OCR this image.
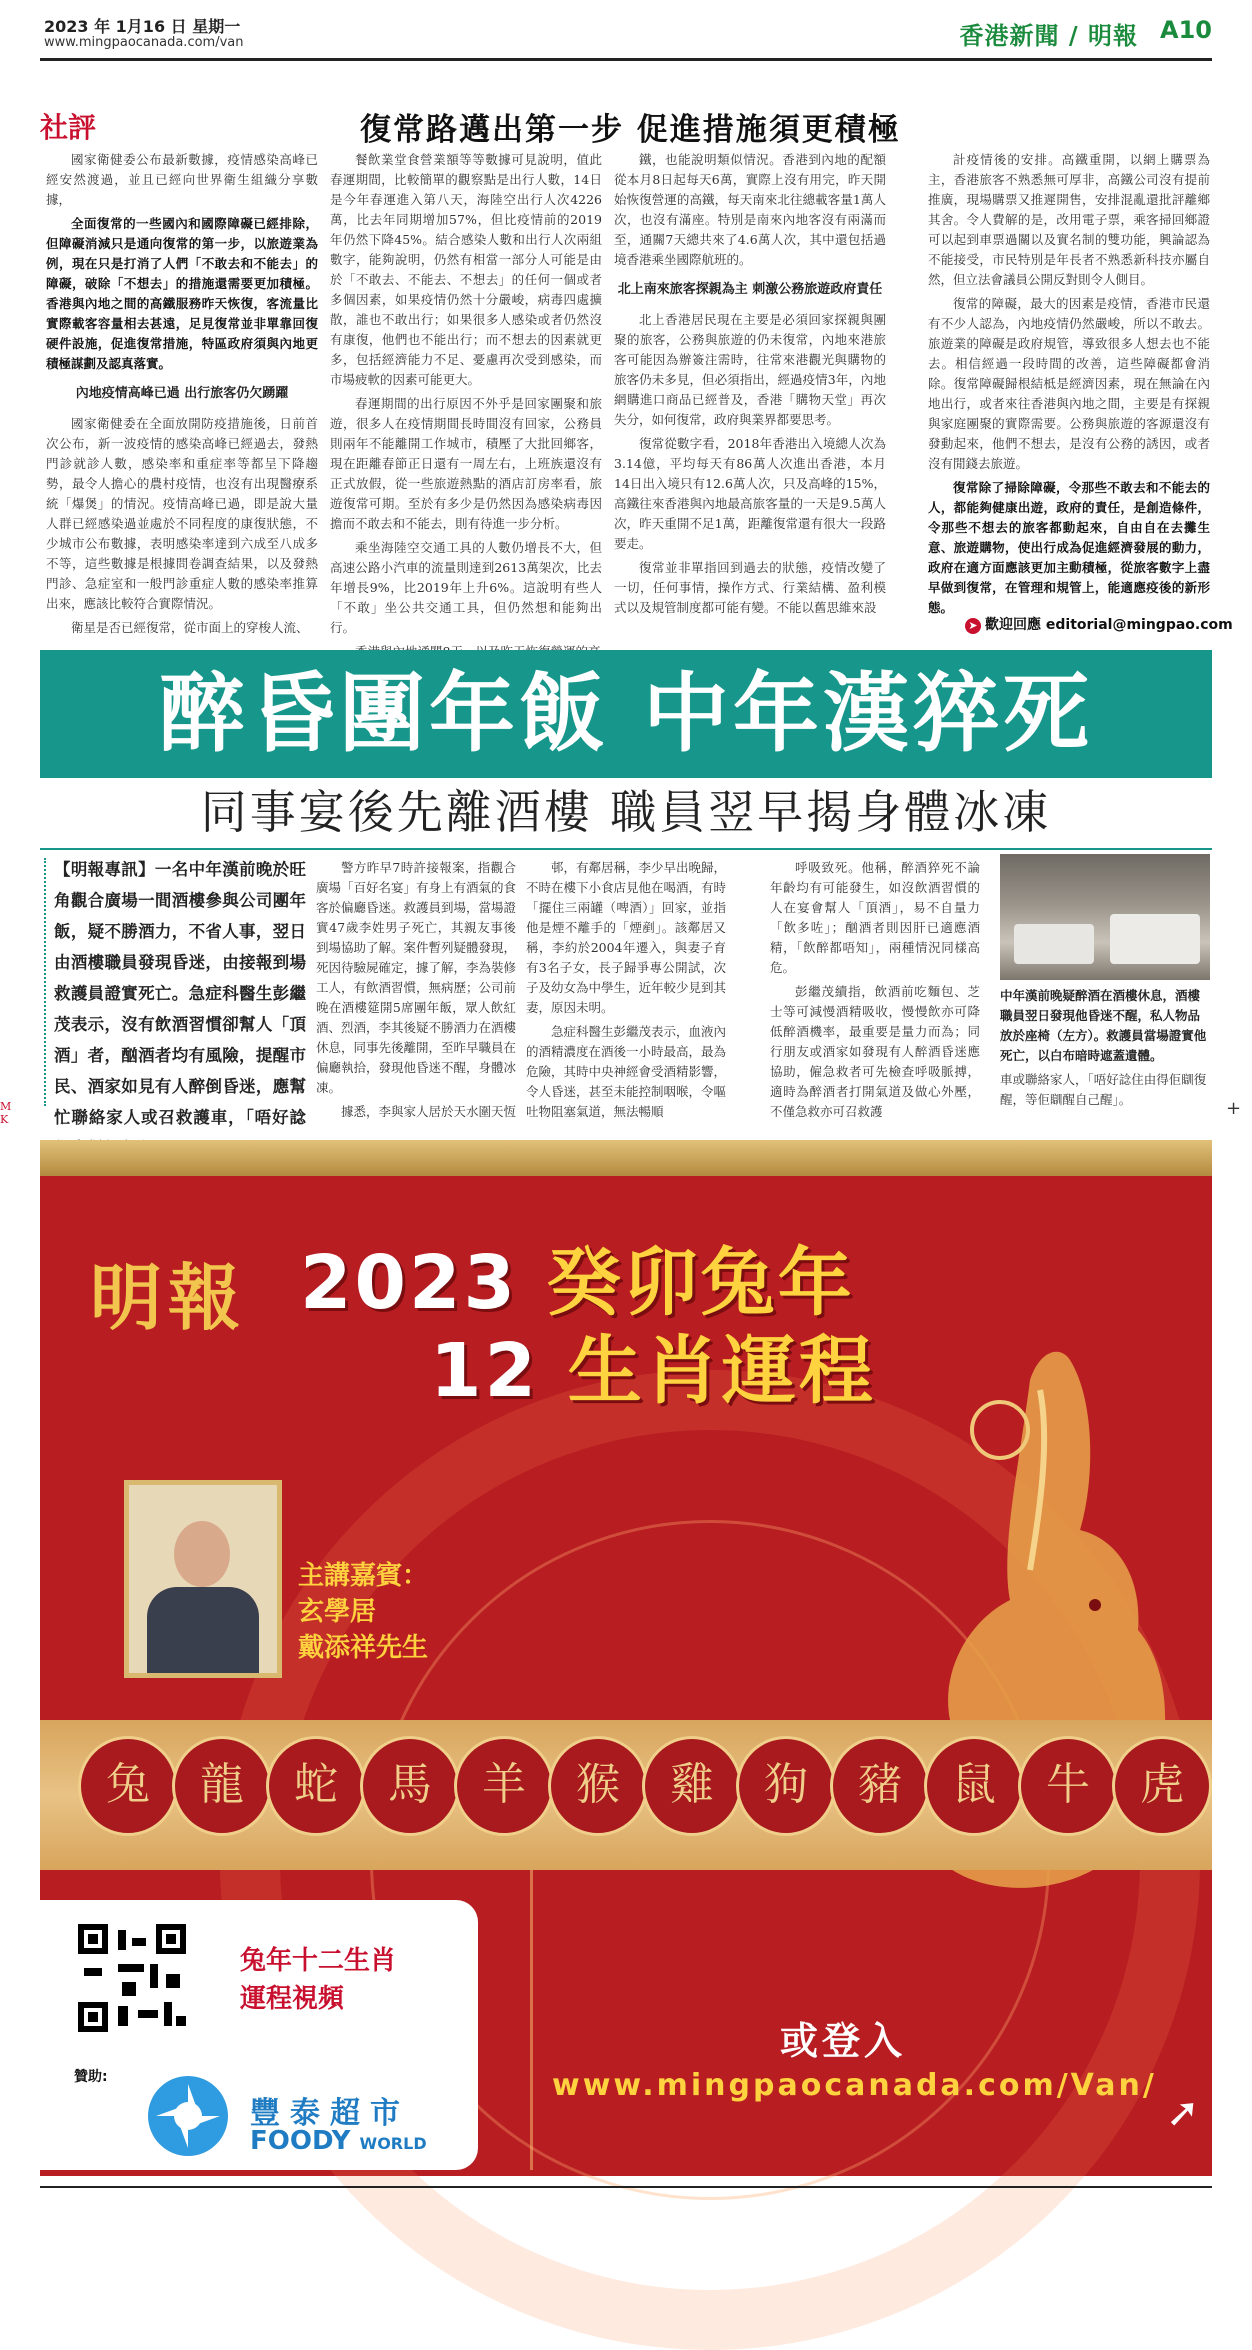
2023 年 1月16 日 星期一
www.mingpaocanada.com/van	香港新聞 / 明報 A10
社評	復常路邁出第一步 促進措施須更積極

國家衛健委公布最新數據，疫情感染高峰已經安然渡過，並且已經向世界衛生組織分享數據，

全面復常的一些國內和國際障礙已經排除，但障礙消減只是通向復常的第一步，以旅遊業為例，現在只是打消了人們「不敢去和不能去」的障礙，破除「不想去」的措施還需要更加積極。香港與內地之間的高鐵服務昨天恢復，客流量比實際載客容量相去甚遠，足見復常並非單靠回復硬件設施，促進復常措施，特區政府須與內地更積極謀劃及認真落實。

內地疫情高峰已過 出行旅客仍欠踴躍

國家衛健委在全面放開防疫措施後，日前首次公布，新一波疫情的感染高峰已經過去，發熱門診就診人數，感染率和重症率等都呈下降趨勢，最令人擔心的農村疫情，也沒有出現醫療系統「爆煲」的情況。疫情高峰已過，即是說大量人群已經感染過並處於不同程度的康復狀態，不少城市公布數據，表明感染率達到六成至八成多不等，這些數據是根據問卷調查結果，以及發熱門診、急症室和一般門診重症人數的感染率推算出來，應該比較符合實際情況。

衛星是否已經復常，從市面上的穿梭人流、

餐飲業堂食營業額等等數據可見說明，值此春運期間，比較簡單的觀察點是出行人數，14日是今年春運進入第八天，海陸空出行人次4226萬，比去年同期增加57%，但比疫情前的2019年仍然下降45%。結合感染人數和出行人次兩組數字，能夠說明，仍然有相當一部分人可能是由於「不敢去、不能去、不想去」的任何一個或者多個因素，如果疫情仍然十分嚴峻，病毒四處擴散，誰也不敢出行；如果很多人感染或者仍然沒有康復，他們也不能出行；而不想去的因素就更多，包括經濟能力不足、憂慮再次受到感染，而市場疲軟的因素可能更大。

春運期間的出行原因不外乎是回家團聚和旅遊，很多人在疫情期間長時間沒有回家，公務員則兩年不能離開工作城市，積壓了大批回鄉客，現在距離春節正日還有一周左右，上班族還沒有正式放假，從一些旅遊熱點的酒店訂房率看，旅遊復常可期。至於有多少是仍然因為感染病毒因擔而不敢去和不能去，則有待進一步分析。

乘坐海陸空交通工具的人數仍增長不大，但高速公路小汽車的流量則達到2613萬架次，比去年增長9%，比2019年上升6%。這說明有些人「不敢」坐公共交通工具，但仍然想和能夠出行。

鐵，也能說明類似情況。香港到內地的配額從本月8日起每天6萬，實際上沒有用完，昨天開始恢復營運的高鐵，每天南來北往總載客量1萬人次，也沒有滿座。特別是南來內地客沒有兩滿而至，通關7天總共來了4.6萬人次，其中還包括過境香港乘坐國際航班的。

北上南來旅客探親為主 刺激公務旅遊政府責任

北上香港居民現在主要是必須回家探親與團聚的旅客，公務與旅遊的仍未復常，內地來港旅客可能因為辦簽注需時，往常來港觀光與購物的旅客仍未多見，但必須指出，經過疫情3年，內地網購進口商品已經普及，香港「購物天堂」再次失分，如何復常，政府與業界都要思考。

復常從數字看，2018年香港出入境總人次為3.14億，平均每天有86萬人次進出香港，本月14日出入境只有12.6萬人次，只及高峰的15%，高鐵往來香港與內地最高旅客量的一天是9.5萬人次，昨天重開不足1萬，距離復常還有很大一段路要走。

復常並非單指回到過去的狀態，疫情改變了一切，任何事情，操作方式、行業結構、盈利模式以及規管制度都可能有變。不能以舊思維來設

計疫情後的安排。高鐵重開，以網上購票為主，香港旅客不熟悉無可厚非，高鐵公司沒有提前推廣，現場購票又推遲開售，安排混亂還批評離鄉其舍。令人費解的是，改用電子票，乘客掃回鄉證可以起到車票過關以及實名制的雙功能，興論認為不能接受，市民特別是年長者不熟悉新科技亦屬自然，但立法會議員公開反對則令人側目。

復常的障礙，最大的因素是疫情，香港市民還有不少人認為，內地疫情仍然嚴峻，所以不敢去。旅遊業的障礙是政府規管，導致很多人想去也不能去。相信經過一段時間的改善，這些障礙都會消除。復常障礙歸根結柢是經濟因素，現在無論在內地出行，或者來往香港與內地之間，主要是有探親與家庭團聚的實際需要。公務與旅遊的客源還沒有發動起來，他們不想去，是沒有公務的誘因，或者沒有閒錢去旅遊。

復常除了掃除障礙，令那些不敢去和不能去的人，都能夠健康出遊，政府的責任，是創造條件，令那些不想去的旅客都動起來，自由自在去攤生意、旅遊購物，使出行成為促進經濟發展的動力，政府在適方面應該更加主動積極，從旅客數字上盡早做到復常，在管理和規管上，能適應疫後的新形態。

➤ 歡迎回應 editorial@mingpao.com
醉昏團年飯 中年漢猝死
同事宴後先離酒樓 職員翌早揭身體冰凍
【明報專訊】一名中年漢前晚於旺角觀合廣場一間酒樓參與公司團年飯，疑不勝酒力，不省人事，翌日由酒樓職員發現昏迷，由接報到場救護員證實死亡。急症科醫生彭繼茂表示，沒有飲酒習慣卻幫人「頂酒」者，酗酒者均有風險，提醒市民、酒家如見有人醉倒昏迷，應幫忙聯絡家人或召救護車，「唔好諗

警方昨早7時許接報案，指觀合廣場「百好名宴」有身上有酒氣的食客於偏廳昏迷。救護員到場，當場證實47歲李姓男子死亡，其親友事後到場協助了解。案件暫列疑體發現，死因待驗屍確定，據了解，李為裝修工人，有飲酒習慣，無病歷；公司前晚在酒樓筵開5席團年飯，眾人飲紅酒、烈酒，李其後疑不勝酒力在酒樓休息，同事先後離開，至昨早職員在偏廳執拾，發現他昏迷不醒，身體冰凍。

據悉，李與家人居於天水圍天恆

邨，有鄰居稱，李少早出晚歸，不時在樓下小食店見他在喝酒，有時「擺住三兩罐（啤酒）」回家，並指他是煙不離手的「煙剷」。該鄰居又稱，李約於2004年遷入，與妻子育有3名子女，長子歸爭專公開試，次子及幼女為中學生，近年較少見到其妻，原因未明。

急症科醫生彭繼茂表示，血液內的酒精濃度在酒後一小時最高，最為危險，其時中央神經會受酒精影響，令人昏迷，甚至未能控制咽喉，令嘔吐物阻塞氣道，無法暢順

呼吸致死。他稱，醉酒猝死不論年齡均有可能發生，如沒飲酒習慣的人在宴會幫人「頂酒」，易不自量力「飲多咗」；酗酒者則因肝已適應酒精，「飲醉都唔知」，兩種情況同樣高危。

彭繼茂續指，飲酒前吃麵包、芝士等可減慢酒精吸收，慢慢飲亦可降低醉酒機率，最重要是量力而為；同行朋友或酒家如發現有人醉酒昏迷應協助，僱急救者可先檢查呼吸脈搏，適時為醉酒者打開氣道及做心外壓，不僅急救亦可召救護

中年漢前晚疑醉酒在酒樓休息，酒樓職員翌日發現他昏迷不醒，私人物品放於座椅（左方）。救護員當場證實他死亡，以白布暗時遮蓋遺體。
車或聯絡家人，「唔好諗住由得佢瞓復醒，等佢瞓醒自己醒」。
M
K
+
明報 2023 癸卯兔年
12 生肖運程
主講嘉賓：
玄學居
戴添祥先生
兔	龍	蛇	馬	羊	猴	雞	狗	豬	鼠	牛	虎
兔年十二生肖
運程視頻
贊助:
豐泰超市
FOODY WORLD
或登入
www.mingpaocanada.com/Van/
➚
